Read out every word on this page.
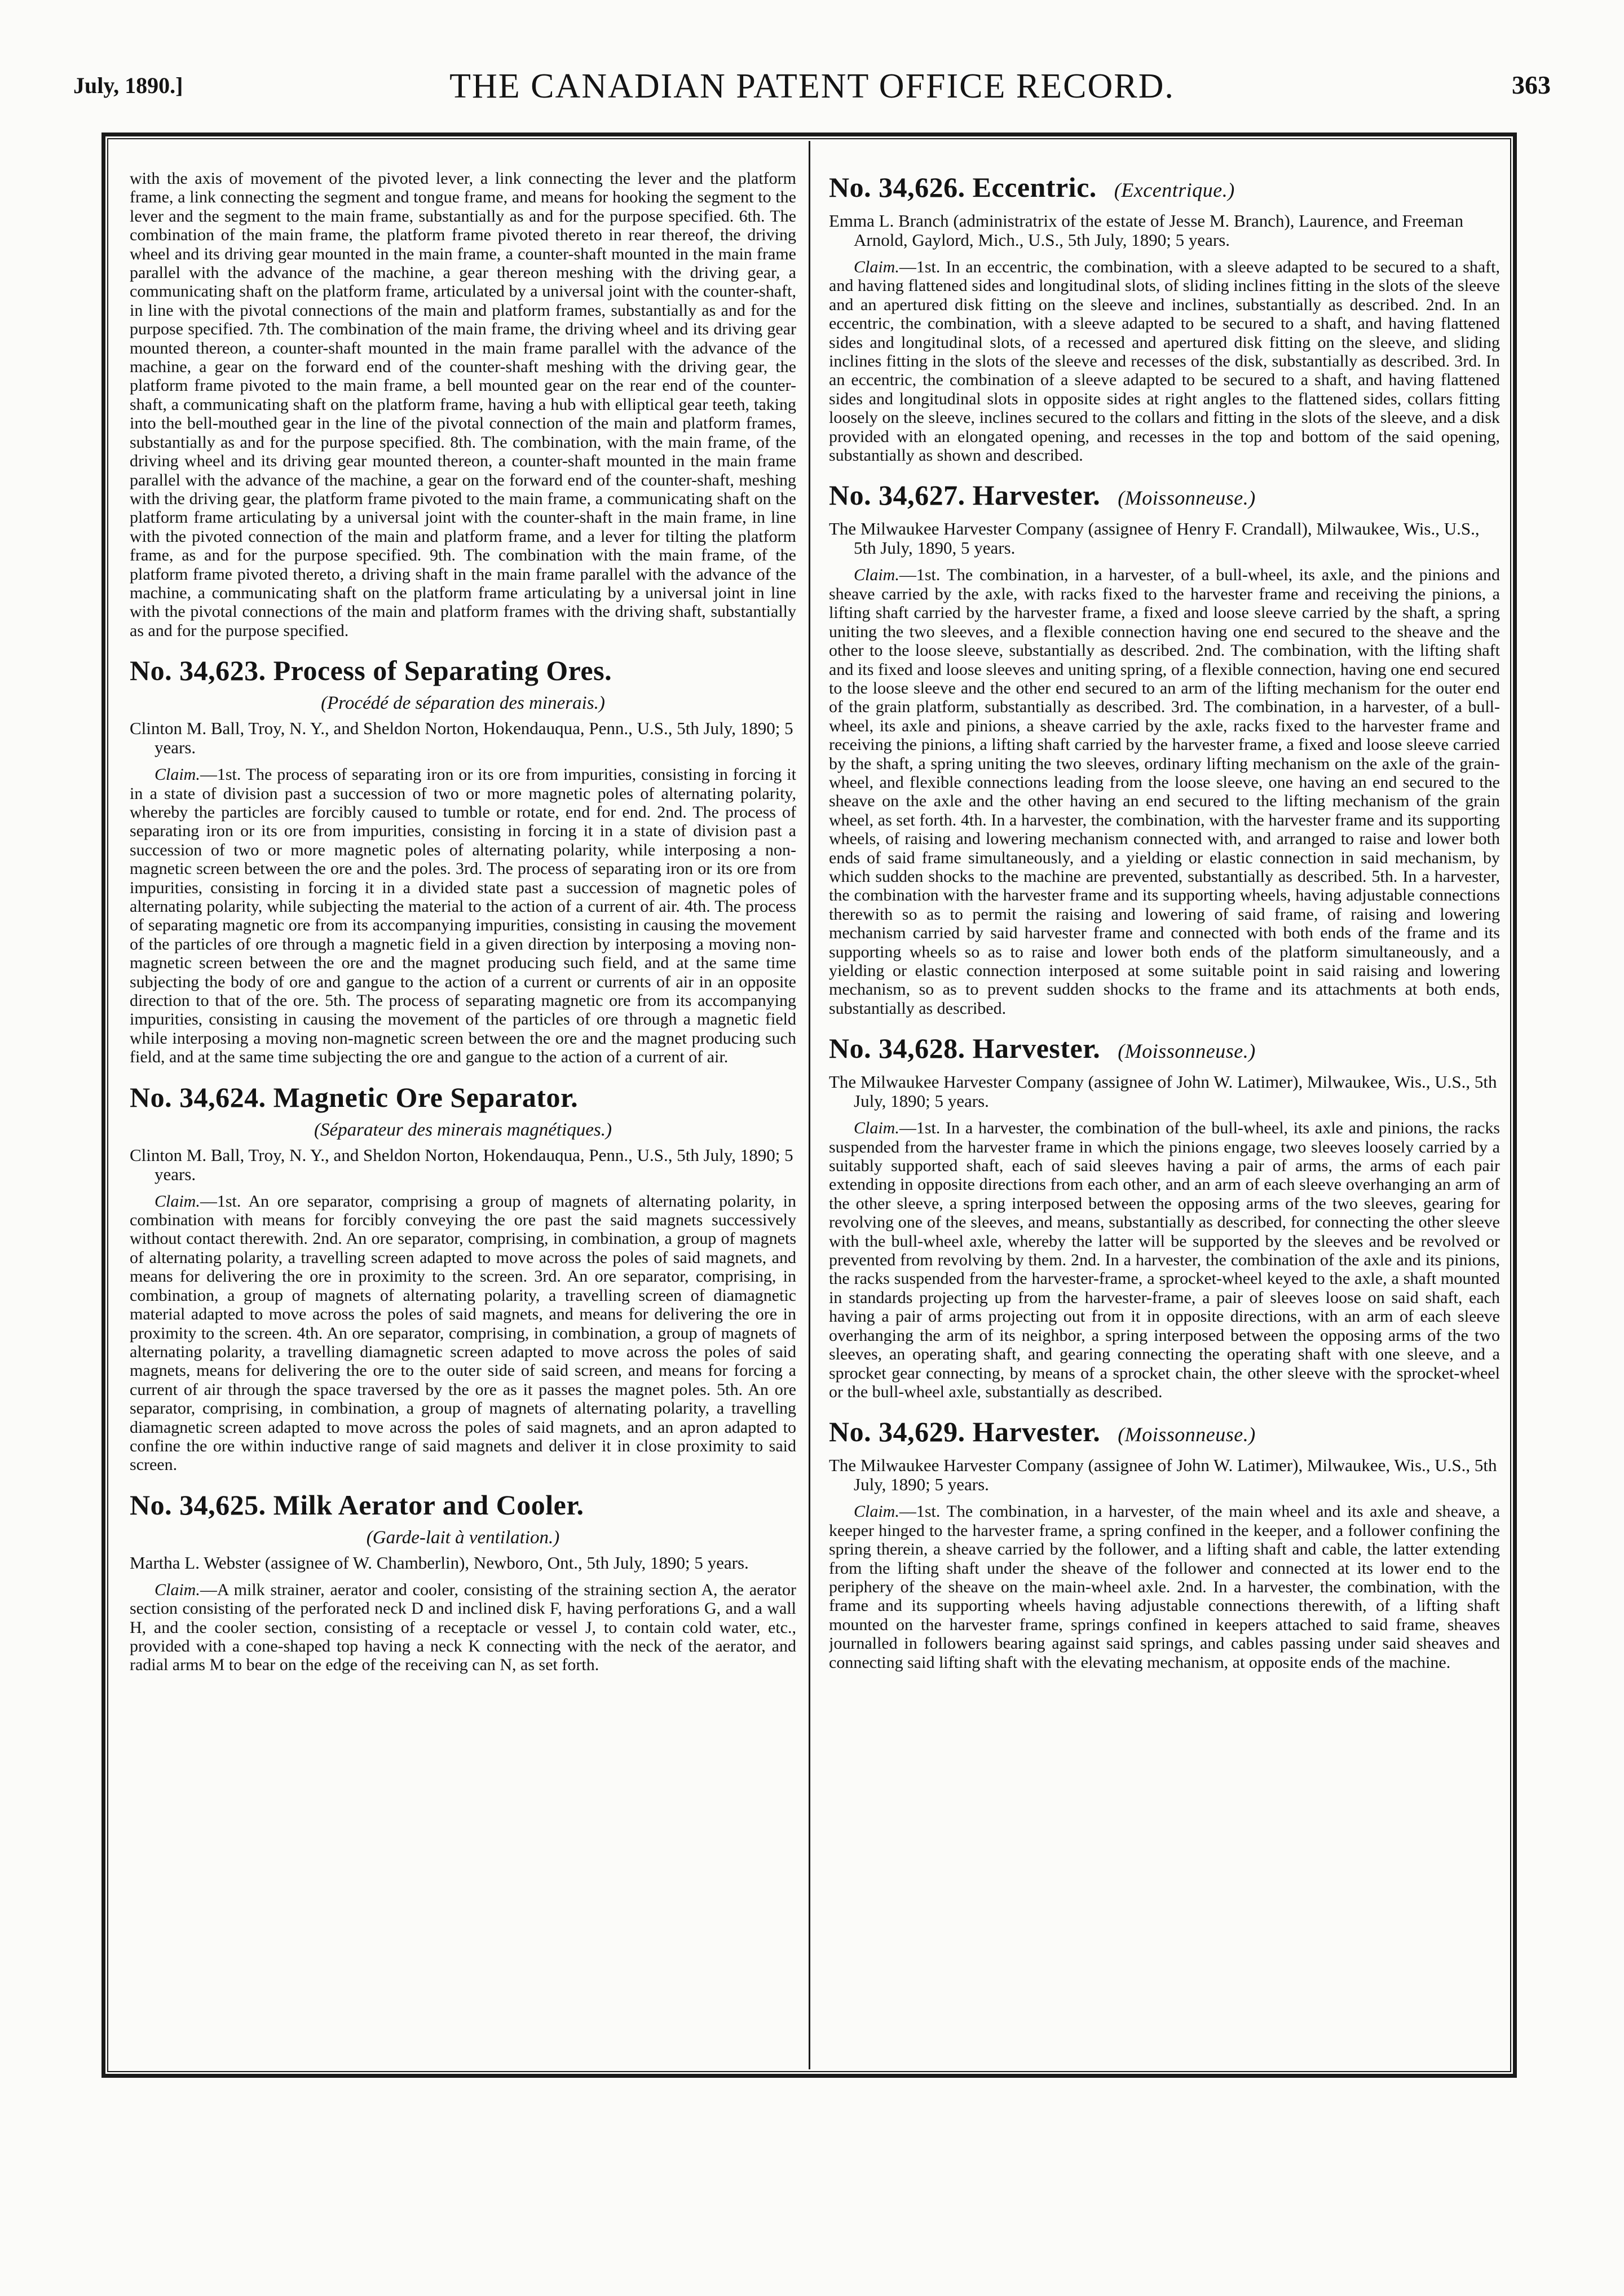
July, 1890.]	THE CANADIAN PATENT OFFICE RECORD.	363

with the axis of movement of the pivoted lever, a link connecting the lever and the platform frame, a link connecting the segment and tongue frame, and means for hooking the segment to the lever and the segment to the main frame, substantially as and for the purpose specified. 6th. The combination of the main frame, the platform frame pivoted thereto in rear thereof, the driving wheel and its driving gear mounted in the main frame, a counter-shaft mounted in the main frame parallel with the advance of the machine, a gear thereon meshing with the driving gear, a communicating shaft on the platform frame, articulated by a universal joint with the counter-shaft, in line with the pivotal connections of the main and platform frames, substantially as and for the purpose specified. 7th. The combination of the main frame, the driving wheel and its driving gear mounted thereon, a counter-shaft mounted in the main frame parallel with the advance of the machine, a gear on the forward end of the counter-shaft meshing with the driving gear, the platform frame pivoted to the main frame, a bell mounted gear on the rear end of the counter-shaft, a communicating shaft on the platform frame, having a hub with elliptical gear teeth, taking into the bell-mouthed gear in the line of the pivotal connection of the main and platform frames, substantially as and for the purpose specified. 8th. The combination, with the main frame, of the driving wheel and its driving gear mounted thereon, a counter-shaft mounted in the main frame parallel with the advance of the machine, a gear on the forward end of the counter-shaft, meshing with the driving gear, the platform frame pivoted to the main frame, a communicating shaft on the platform frame articulating by a universal joint with the counter-shaft in the main frame, in line with the pivoted connection of the main and platform frame, and a lever for tilting the platform frame, as and for the purpose specified. 9th. The combination with the main frame, of the platform frame pivoted thereto, a driving shaft in the main frame parallel with the advance of the machine, a communicating shaft on the platform frame articulating by a universal joint in line with the pivotal connections of the main and platform frames with the driving shaft, substantially as and for the purpose specified.

No. 34,623. Process of Separating Ores.
(Procédé de séparation des minerais.)

Clinton M. Ball, Troy, N. Y., and Sheldon Norton, Hokendauqua, Penn., U.S., 5th July, 1890; 5 years.

Claim.—1st. The process of separating iron or its ore from impurities, consisting in forcing it in a state of division past a succession of two or more magnetic poles of alternating polarity, whereby the particles are forcibly caused to tumble or rotate, end for end. 2nd. The process of separating iron or its ore from impurities, consisting in forcing it in a state of division past a succession of two or more magnetic poles of alternating polarity, while interposing a non-magnetic screen between the ore and the poles. 3rd. The process of separating iron or its ore from impurities, consisting in forcing it in a divided state past a succession of magnetic poles of alternating polarity, while subjecting the material to the action of a current of air. 4th. The process of separating magnetic ore from its accompanying impurities, consisting in causing the movement of the particles of ore through a magnetic field in a given direction by interposing a moving non-magnetic screen between the ore and the magnet producing such field, and at the same time subjecting the body of ore and gangue to the action of a current or currents of air in an opposite direction to that of the ore. 5th. The process of separating magnetic ore from its accompanying impurities, consisting in causing the movement of the particles of ore through a magnetic field while interposing a moving non-magnetic screen between the ore and the magnet producing such field, and at the same time subjecting the ore and gangue to the action of a current of air.

No. 34,624. Magnetic Ore Separator.
(Séparateur des minerais magnétiques.)

Clinton M. Ball, Troy, N. Y., and Sheldon Norton, Hokendauqua, Penn., U.S., 5th July, 1890; 5 years.

Claim.—1st. An ore separator, comprising a group of magnets of alternating polarity, in combination with means for forcibly conveying the ore past the said magnets successively without contact therewith. 2nd. An ore separator, comprising, in combination, a group of magnets of alternating polarity, a travelling screen adapted to move across the poles of said magnets, and means for delivering the ore in proximity to the screen. 3rd. An ore separator, comprising, in combination, a group of magnets of alternating polarity, a travelling screen of diamagnetic material adapted to move across the poles of said magnets, and means for delivering the ore in proximity to the screen. 4th. An ore separator, comprising, in combination, a group of magnets of alternating polarity, a travelling diamagnetic screen adapted to move across the poles of said magnets, means for delivering the ore to the outer side of said screen, and means for forcing a current of air through the space traversed by the ore as it passes the magnet poles. 5th. An ore separator, comprising, in combination, a group of magnets of alternating polarity, a travelling diamagnetic screen adapted to move across the poles of said magnets, and an apron adapted to confine the ore within inductive range of said magnets and deliver it in close proximity to said screen.

No. 34,625. Milk Aerator and Cooler.
(Garde-lait à ventilation.)

Martha L. Webster (assignee of W. Chamberlin), Newboro, Ont., 5th July, 1890; 5 years.

Claim.—A milk strainer, aerator and cooler, consisting of the straining section A, the aerator section consisting of the perforated neck D and inclined disk F, having perforations G, and a wall H, and the cooler section, consisting of a receptacle or vessel J, to contain cold water, etc., provided with a cone-shaped top having a neck K connecting with the neck of the aerator, and radial arms M to bear on the edge of the receiving can N, as set forth.

No. 34,626. Eccentric. (Excentrique.)

Emma L. Branch (administratrix of the estate of Jesse M. Branch), Laurence, and Freeman Arnold, Gaylord, Mich., U.S., 5th July, 1890; 5 years.

Claim.—1st. In an eccentric, the combination, with a sleeve adapted to be secured to a shaft, and having flattened sides and longitudinal slots, of sliding inclines fitting in the slots of the sleeve and an apertured disk fitting on the sleeve and inclines, substantially as described. 2nd. In an eccentric, the combination, with a sleeve adapted to be secured to a shaft, and having flattened sides and longitudinal slots, of a recessed and apertured disk fitting on the sleeve, and sliding inclines fitting in the slots of the sleeve and recesses of the disk, substantially as described. 3rd. In an eccentric, the combination of a sleeve adapted to be secured to a shaft, and having flattened sides and longitudinal slots in opposite sides at right angles to the flattened sides, collars fitting loosely on the sleeve, inclines secured to the collars and fitting in the slots of the sleeve, and a disk provided with an elongated opening, and recesses in the top and bottom of the said opening, substantially as shown and described.

No. 34,627. Harvester. (Moissonneuse.)

The Milwaukee Harvester Company (assignee of Henry F. Crandall), Milwaukee, Wis., U.S., 5th July, 1890, 5 years.

Claim.—1st. The combination, in a harvester, of a bull-wheel, its axle, and the pinions and sheave carried by the axle, with racks fixed to the harvester frame and receiving the pinions, a lifting shaft carried by the harvester frame, a fixed and loose sleeve carried by the shaft, a spring uniting the two sleeves, and a flexible connection having one end secured to the sheave and the other to the loose sleeve, substantially as described. 2nd. The combination, with the lifting shaft and its fixed and loose sleeves and uniting spring, of a flexible connection, having one end secured to the loose sleeve and the other end secured to an arm of the lifting mechanism for the outer end of the grain platform, substantially as described. 3rd. The combination, in a harvester, of a bull-wheel, its axle and pinions, a sheave carried by the axle, racks fixed to the harvester frame and receiving the pinions, a lifting shaft carried by the harvester frame, a fixed and loose sleeve carried by the shaft, a spring uniting the two sleeves, ordinary lifting mechanism on the axle of the grain-wheel, and flexible connections leading from the loose sleeve, one having an end secured to the sheave on the axle and the other having an end secured to the lifting mechanism of the grain wheel, as set forth. 4th. In a harvester, the combination, with the harvester frame and its supporting wheels, of raising and lowering mechanism connected with, and arranged to raise and lower both ends of said frame simultaneously, and a yielding or elastic connection in said mechanism, by which sudden shocks to the machine are prevented, substantially as described. 5th. In a harvester, the combination with the harvester frame and its supporting wheels, having adjustable connections therewith so as to permit the raising and lowering of said frame, of raising and lowering mechanism carried by said harvester frame and connected with both ends of the frame and its supporting wheels so as to raise and lower both ends of the platform simultaneously, and a yielding or elastic connection interposed at some suitable point in said raising and lowering mechanism, so as to prevent sudden shocks to the frame and its attachments at both ends, substantially as described.

No. 34,628. Harvester. (Moissonneuse.)

The Milwaukee Harvester Company (assignee of John W. Latimer), Milwaukee, Wis., U.S., 5th July, 1890; 5 years.

Claim.—1st. In a harvester, the combination of the bull-wheel, its axle and pinions, the racks suspended from the harvester frame in which the pinions engage, two sleeves loosely carried by a suitably supported shaft, each of said sleeves having a pair of arms, the arms of each pair extending in opposite directions from each other, and an arm of each sleeve overhanging an arm of the other sleeve, a spring interposed between the opposing arms of the two sleeves, gearing for revolving one of the sleeves, and means, substantially as described, for connecting the other sleeve with the bull-wheel axle, whereby the latter will be supported by the sleeves and be revolved or prevented from revolving by them. 2nd. In a harvester, the combination of the axle and its pinions, the racks suspended from the harvester-frame, a sprocket-wheel keyed to the axle, a shaft mounted in standards projecting up from the harvester-frame, a pair of sleeves loose on said shaft, each having a pair of arms projecting out from it in opposite directions, with an arm of each sleeve overhanging the arm of its neighbor, a spring interposed between the opposing arms of the two sleeves, an operating shaft, and gearing connecting the operating shaft with one sleeve, and a sprocket gear connecting, by means of a sprocket chain, the other sleeve with the sprocket-wheel or the bull-wheel axle, substantially as described.

No. 34,629. Harvester. (Moissonneuse.)

The Milwaukee Harvester Company (assignee of John W. Latimer), Milwaukee, Wis., U.S., 5th July, 1890; 5 years.

Claim.—1st. The combination, in a harvester, of the main wheel and its axle and sheave, a keeper hinged to the harvester frame, a spring confined in the keeper, and a follower confining the spring therein, a sheave carried by the follower, and a lifting shaft and cable, the latter extending from the lifting shaft under the sheave of the follower and connected at its lower end to the periphery of the sheave on the main-wheel axle. 2nd. In a harvester, the combination, with the frame and its supporting wheels having adjustable connections therewith, of a lifting shaft mounted on the harvester frame, springs confined in keepers attached to said frame, sheaves journalled in followers bearing against said springs, and cables passing under said sheaves and connecting said lifting shaft with the elevating mechanism, at opposite ends of the machine.
